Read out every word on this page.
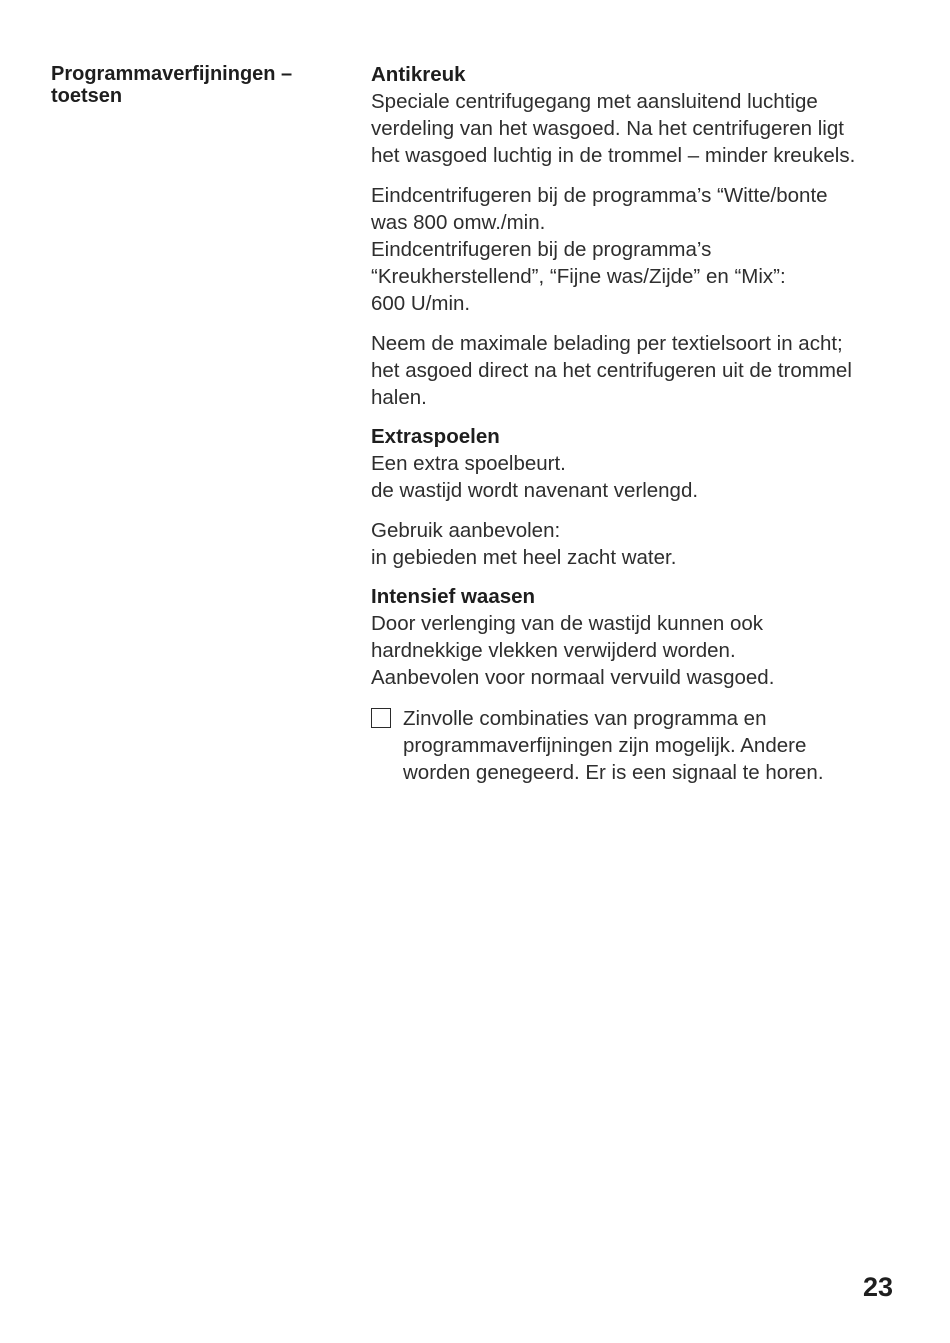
Programmaverfijningen –
toetsen
Antikreuk
Speciale centrifugegang met aansluitend luchtige
verdeling van het wasgoed. Na het centrifugeren ligt
het wasgoed luchtig in de trommel – minder kreukels.
Eindcentrifugeren bij de programma’s “Witte/bonte
was 800 omw./min.
Eindcentrifugeren bij de programma’s
“Kreukherstellend”, “Fijne was/Zijde” en “Mix”:
600 U/min.
Neem de maximale belading per textielsoort in acht;
het asgoed direct na het centrifugeren uit de trommel
halen.
Extraspoelen
Een extra spoelbeurt.
de wastijd wordt navenant verlengd.
Gebruik aanbevolen:
in gebieden met heel zacht water.
Intensief waasen
Door verlenging van de wastijd kunnen ook
hardnekkige vlekken verwijderd worden.
Aanbevolen voor normaal vervuild wasgoed.
Zinvolle combinaties van programma en
programmaverfijningen zijn mogelijk. Andere
worden genegeerd. Er is een signaal te horen.
23
